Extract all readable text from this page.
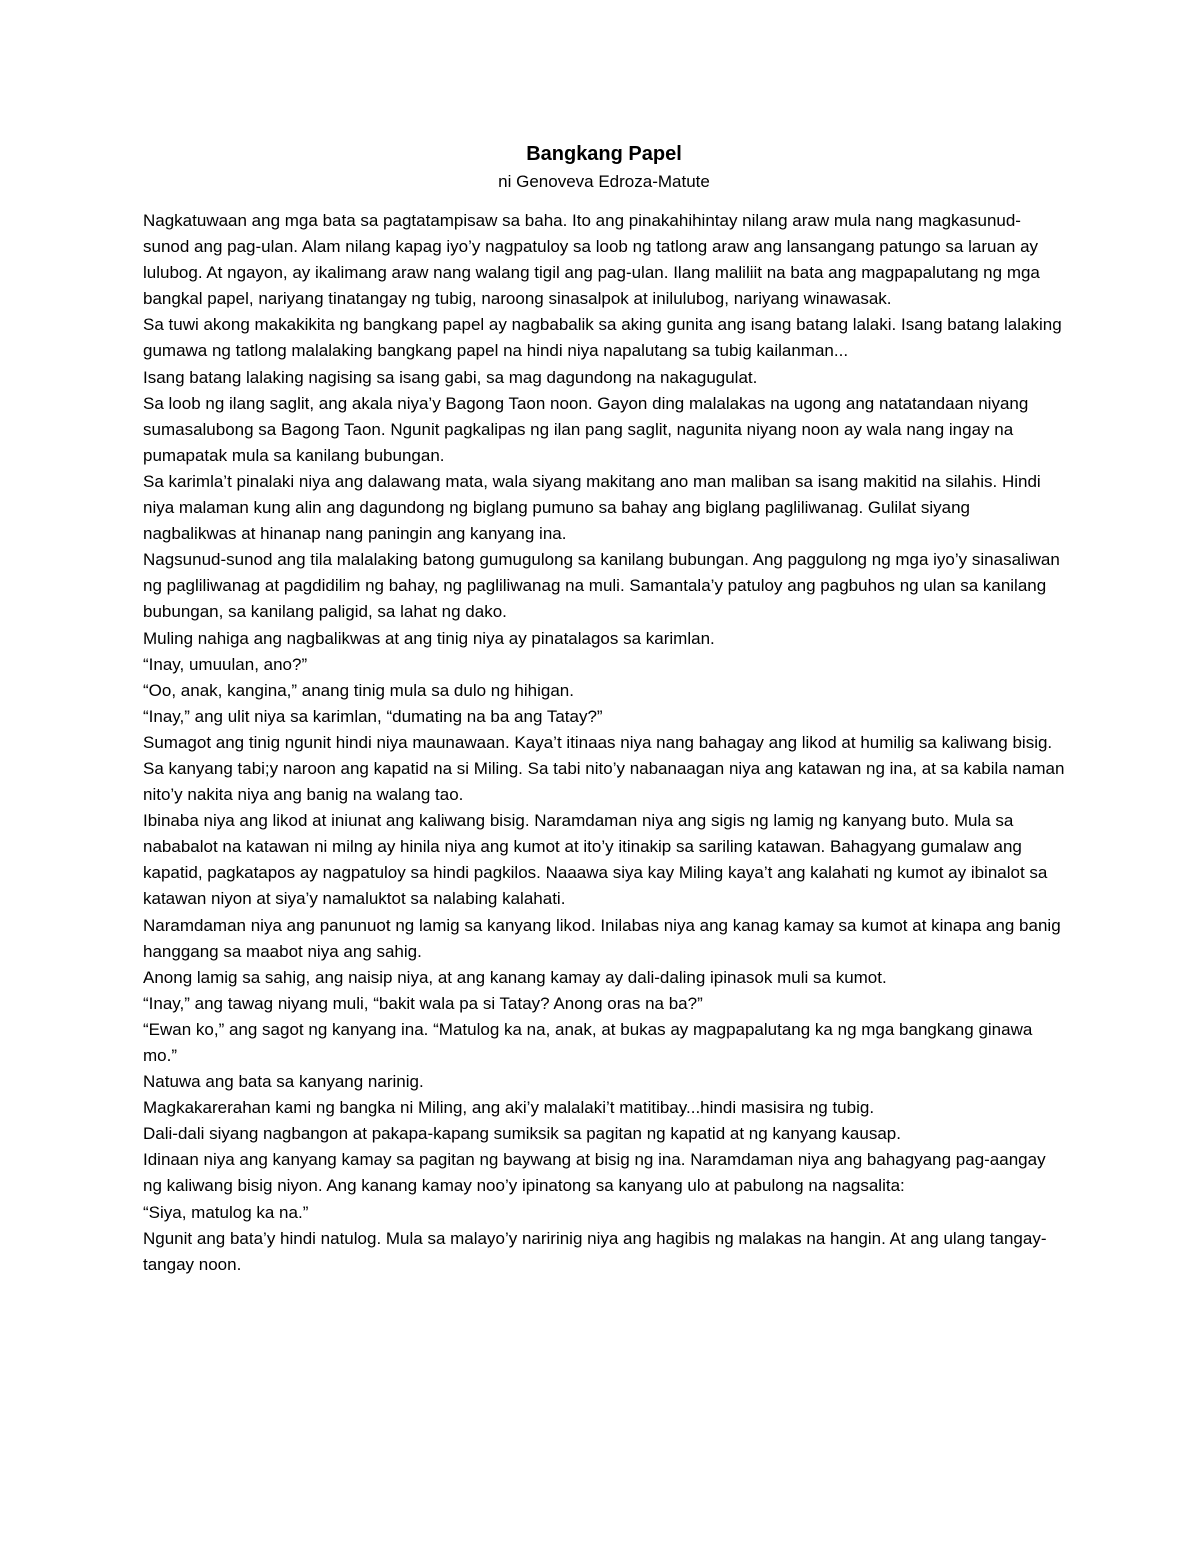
Bangkang Papel
ni Genoveva Edroza-Matute

Nagkatuwaan ang mga bata sa pagtatampisaw sa baha. Ito ang pinakahihintay nilang araw mula nang magkasunud-sunod ang pag-ulan. Alam nilang kapag iyo’y nagpatuloy sa loob ng tatlong araw ang lansangang patungo sa laruan ay lulubog. At ngayon, ay ikalimang araw nang walang tigil ang pag-ulan. Ilang maliliit na bata ang magpapalutang ng mga bangkal papel, nariyang tinatangay ng tubig, naroong sinasalpok at inilulubog, nariyang winawasak.

Sa tuwi akong makakikita ng bangkang papel ay nagbabalik sa aking gunita ang isang batang lalaki. Isang batang lalaking gumawa ng tatlong malalaking bangkang papel na hindi niya napalutang sa tubig kailanman...

Isang batang lalaking nagising sa isang gabi, sa mag dagundong na nakagugulat.

Sa loob ng ilang saglit, ang akala niya’y Bagong Taon noon. Gayon ding malalakas na ugong ang natatandaan niyang sumasalubong sa Bagong Taon. Ngunit pagkalipas ng ilan pang saglit, nagunita niyang noon ay wala nang ingay na pumapatak mula sa kanilang bubungan.

Sa karimla’t pinalaki niya ang dalawang mata, wala siyang makitang ano man maliban sa isang makitid na silahis. Hindi niya malaman kung alin ang dagundong ng biglang pumuno sa bahay ang biglang pagliliwanag. Gulilat siyang nagbalikwas at hinanap nang paningin ang kanyang ina.

Nagsunud-sunod ang tila malalaking batong gumugulong sa kanilang bubungan. Ang paggulong ng mga iyo’y sinasaliwan ng pagliliwanag at pagdidilim ng bahay, ng pagliliwanag na muli. Samantala’y patuloy ang pagbuhos ng ulan sa kanilang bubungan, sa kanilang paligid, sa lahat ng dako.

Muling nahiga ang nagbalikwas at ang tinig niya ay pinatalagos sa karimlan.

“Inay, umuulan, ano?”

“Oo, anak, kangina,” anang tinig mula sa dulo ng hihigan.

“Inay,” ang ulit niya sa karimlan, “dumating na ba ang Tatay?”

Sumagot ang tinig ngunit hindi niya maunawaan. Kaya’t itinaas niya nang bahagay ang likod at humilig sa kaliwang bisig. Sa kanyang tabi;y naroon ang kapatid na si Miling. Sa tabi nito’y nabanaagan niya ang katawan ng ina, at sa kabila naman nito’y nakita niya ang banig na walang tao.

Ibinaba niya ang likod at iniunat ang kaliwang bisig. Naramdaman niya ang sigis ng lamig ng kanyang buto. Mula sa nababalot na katawan ni milng ay hinila niya ang kumot at ito’y itinakip sa sariling katawan. Bahagyang gumalaw ang kapatid, pagkatapos ay nagpatuloy sa hindi pagkilos. Naaawa siya kay Miling kaya’t ang kalahati ng kumot ay ibinalot sa katawan niyon at siya’y namaluktot sa nalabing kalahati.

Naramdaman niya ang panunuot ng lamig sa kanyang likod. Inilabas niya ang kanag kamay sa kumot at kinapa ang banig hanggang sa maabot niya ang sahig.

Anong lamig sa sahig, ang naisip niya, at ang kanang kamay ay dali-daling ipinasok muli sa kumot.

“Inay,” ang tawag niyang muli, “bakit wala pa si Tatay? Anong oras na ba?”

“Ewan ko,” ang sagot ng kanyang ina. “Matulog ka na, anak, at bukas ay magpapalutang ka ng mga bangkang ginawa mo.”

Natuwa ang bata sa kanyang narinig.

Magkakarerahan kami ng bangka ni Miling, ang aki’y malalaki’t matitibay...hindi masisira ng tubig.

Dali-dali siyang nagbangon at pakapa-kapang sumiksik sa pagitan ng kapatid at ng kanyang kausap.

Idinaan niya ang kanyang kamay sa pagitan ng baywang at bisig ng ina. Naramdaman niya ang bahagyang pag-aangay ng kaliwang bisig niyon. Ang kanang kamay noo’y ipinatong sa kanyang ulo at pabulong na nagsalita:

“Siya, matulog ka na.”

Ngunit ang bata’y hindi natulog. Mula sa malayo’y naririnig niya ang hagibis ng malakas na hangin. At ang ulang tangay-tangay noon.
